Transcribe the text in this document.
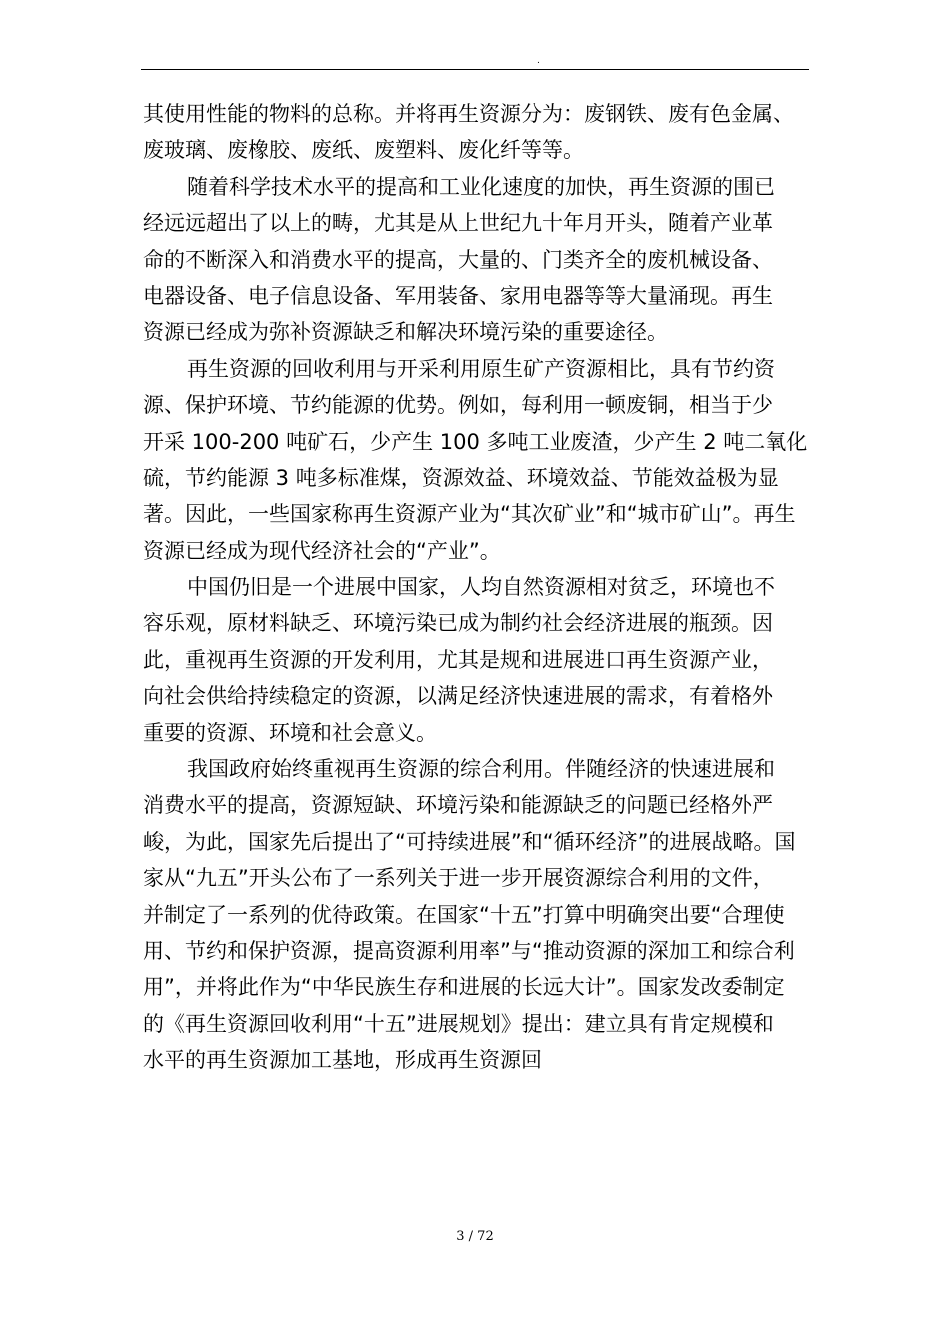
.
其使用性能的物料的总称。并将再生资源分为：废钢铁、废有色金属、
废玻璃、废橡胶、废纸、废塑料、废化纤等等。
随着科学技术水平的提高和工业化速度的加快，再生资源的围已
经远远超出了以上的畴，尤其是从上世纪九十年月开头，随着产业革
命的不断深入和消费水平的提高，大量的、门类齐全的废机械设备、
电器设备、电子信息设备、军用装备、家用电器等等大量涌现。再生
资源已经成为弥补资源缺乏和解决环境污染的重要途径。
再生资源的回收利用与开采利用原生矿产资源相比，具有节约资
源、保护环境、节约能源的优势。例如，每利用一顿废铜，相当于少
开采 100-200 吨矿石，少产生 100 多吨工业废渣，少产生 2 吨二氧化
硫，节约能源 3 吨多标准煤，资源效益、环境效益、节能效益极为显
著。因此，一些国家称再生资源产业为“其次矿业”和“城市矿山”。再生
资源已经成为现代经济社会的“产业”。
中国仍旧是一个进展中国家，人均自然资源相对贫乏，环境也不
容乐观，原材料缺乏、环境污染已成为制约社会经济进展的瓶颈。因
此，重视再生资源的开发利用，尤其是规和进展进口再生资源产业，
向社会供给持续稳定的资源，以满足经济快速进展的需求，有着格外
重要的资源、环境和社会意义。
我国政府始终重视再生资源的综合利用。伴随经济的快速进展和
消费水平的提高，资源短缺、环境污染和能源缺乏的问题已经格外严
峻，为此，国家先后提出了“可持续进展”和“循环经济”的进展战略。国
家从“九五”开头公布了一系列关于进一步开展资源综合利用的文件，
并制定了一系列的优待政策。在国家“十五”打算中明确突出要“合理使
用、节约和保护资源，提高资源利用率”与“推动资源的深加工和综合利
用”，并将此作为“中华民族生存和进展的长远大计”。国家发改委制定
的《再生资源回收利用“十五”进展规划》提出：建立具有肯定规模和
水平的再生资源加工基地，形成再生资源回
3 / 72
